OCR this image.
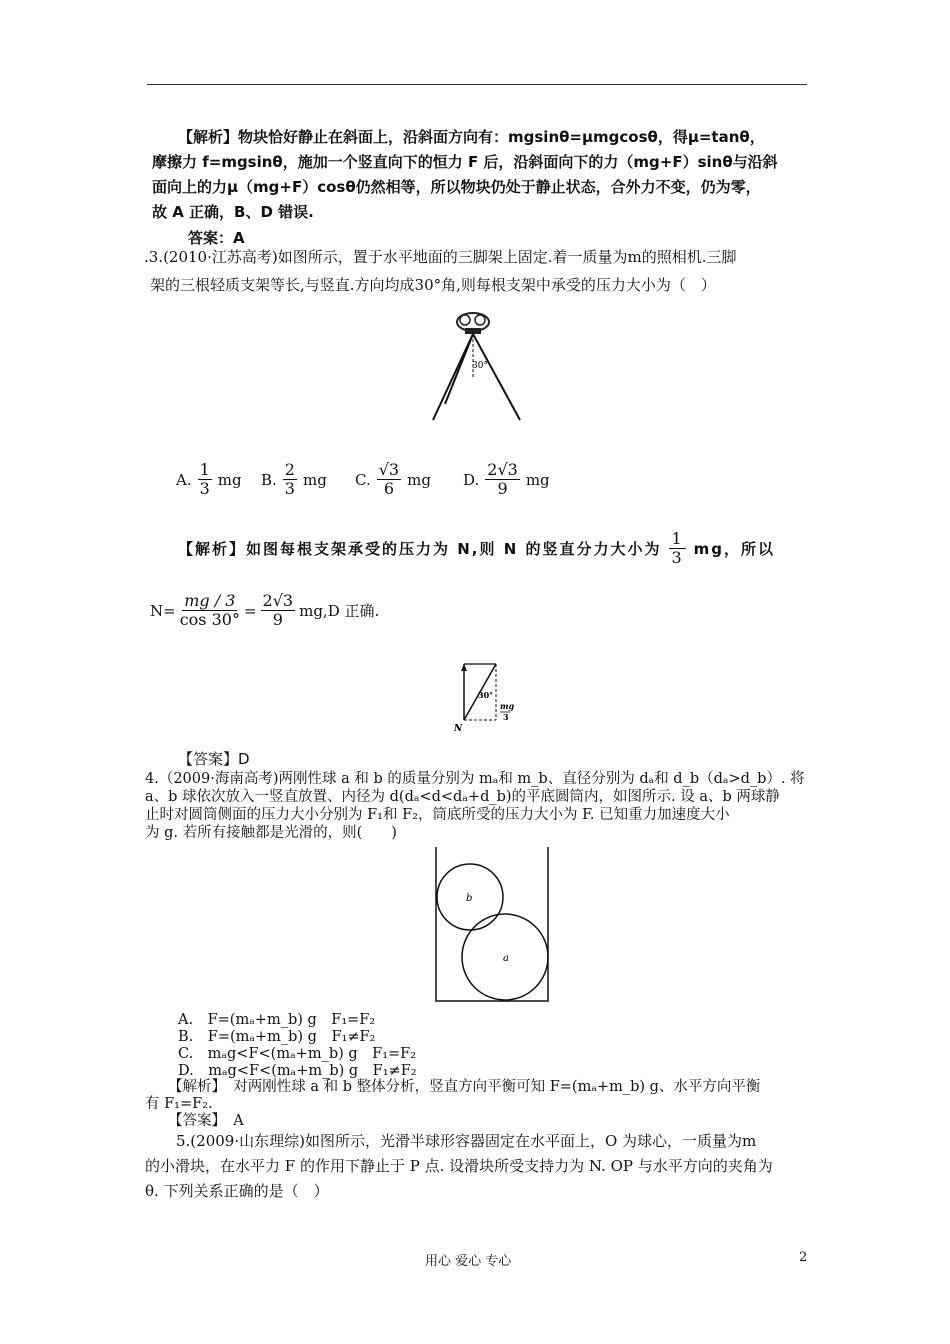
【解析】物块恰好静止在斜面上，沿斜面方向有：mgsinθ=μmgcosθ，得μ=tanθ，
摩擦力 f=mgsinθ，施加一个竖直向下的恒力 F 后，沿斜面向下的力（mg+F）sinθ与沿斜
面向上的力μ（mg+F）cosθ仍然相等，所以物块仍处于静止状态，合外力不变，仍为零，
故 A 正确，B、D 错误.
答案：A
.3.(2010·江苏高考)如图所示，置于水平地面的三脚架上固定.着一质量为m的照相机.三脚
架的三根轻质支架等长,与竖直.方向均成30°角,则每根支架中承受的压力大小为（　）
30°
A. $\frac{1}{3}$ mg B. $\frac{2}{3}$ mg C. $\frac{√3}{6}$ mg D. $\frac{2√3}{9}$ mg
【解析】如图每根支架承受的压力为 N,则 N 的竖直分力大小为 $\frac{1}{3}$ mg，所以
$N= \frac{mg / 3}{\cos 30^\circ} = \frac{2√3}{9} mg,D$ 正确.
30°
mg
3
N
【答案】D
4.（2009·海南高考)两刚性球 a 和 b 的质量分别为 mₐ和 m_b、直径分别为 dₐ和 d_b（dₐ>d_b）. 将
a、b 球依次放入一竖直放置、内径为 d(dₐ<d<dₐ+d_b)的平底圆筒内，如图所示. 设 a、b 两球静
止时对圆筒侧面的压力大小分别为 F₁和 F₂，筒底所受的压力大小为 F. 已知重力加速度大小
为 g. 若所有接触都是光滑的，则(　　)
b
a
A.　F=(mₐ+m_b) g　F₁=F₂
B.　F=(mₐ+m_b) g　F₁≠F₂
C.　mₐg<F<(mₐ+m_b) g　F₁=F₂
D.　mₐg<F<(mₐ+m_b) g　F₁≠F₂
【解析】　对两刚性球 a 和 b 整体分析，竖直方向平衡可知 F=(mₐ+m_b) g、水平方向平衡
有 F₁=F₂.
【答案】　A
5.(2009·山东理综)如图所示，光滑半球形容器固定在水平面上，O 为球心，一质量为m
的小滑块，在水平力 F 的作用下静止于 P 点. 设滑块所受支持力为 N. OP 与水平方向的夹角为
θ. 下列关系正确的是（　）
用心 爱心 专心	2
